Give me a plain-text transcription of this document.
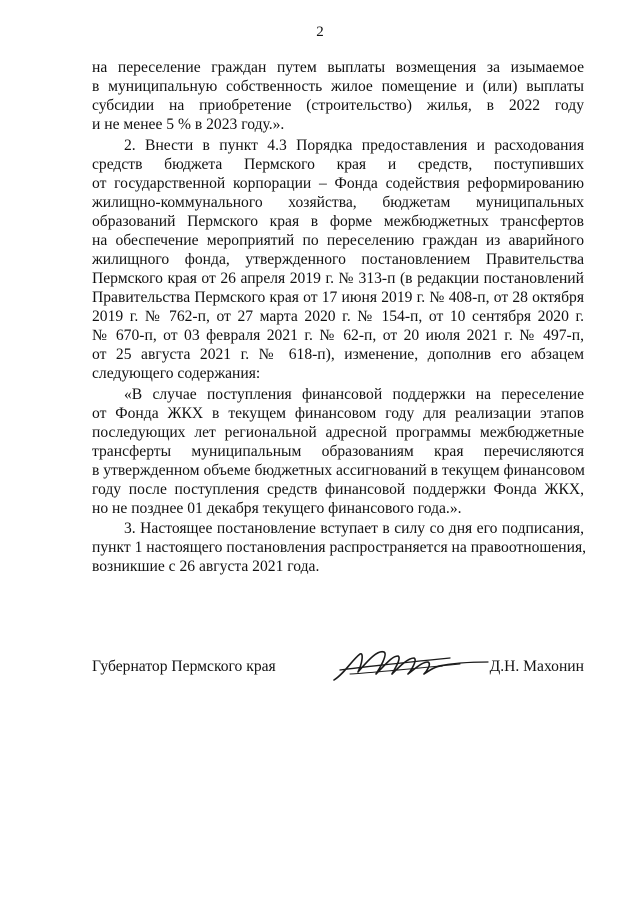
2
на переселение граждан путем выплаты возмещения за изымаемое
в муниципальную собственность жилое помещение и (или) выплаты
субсидии на приобретение (строительство) жилья, в 2022 году
и не менее 5 % в 2023 году.».
2. Внести в пункт 4.3 Порядка предоставления и расходования
средств бюджета Пермского края и средств, поступивших
от государственной корпорации – Фонда содействия реформированию
жилищно-коммунального хозяйства, бюджетам муниципальных
образований Пермского края в форме межбюджетных трансфертов
на обеспечение мероприятий по переселению граждан из аварийного
жилищного фонда, утвержденного постановлением Правительства
Пермского края от 26 апреля 2019 г. № 313-п (в редакции постановлений
Правительства Пермского края от 17 июня 2019 г. № 408-п, от 28 октября
2019 г. № 762-п, от 27 марта 2020 г. № 154-п, от 10 сентября 2020 г.
№ 670-п, от 03 февраля 2021 г. № 62-п, от 20 июля 2021 г. № 497-п,
от 25 августа 2021 г. № 618-п), изменение, дополнив его абзацем
следующего содержания:
«В случае поступления финансовой поддержки на переселение
от Фонда ЖКХ в текущем финансовом году для реализации этапов
последующих лет региональной адресной программы межбюджетные
трансферты муниципальным образованиям края перечисляются
в утвержденном объеме бюджетных ассигнований в текущем финансовом
году после поступления средств финансовой поддержки Фонда ЖКХ,
но не позднее 01 декабря текущего финансового года.».
3. Настоящее постановление вступает в силу со дня его подписания,
пункт 1 настоящего постановления распространяется на правоотношения,
возникшие с 26 августа 2021 года.
Губернатор Пермского края	Д.Н. Махонин
